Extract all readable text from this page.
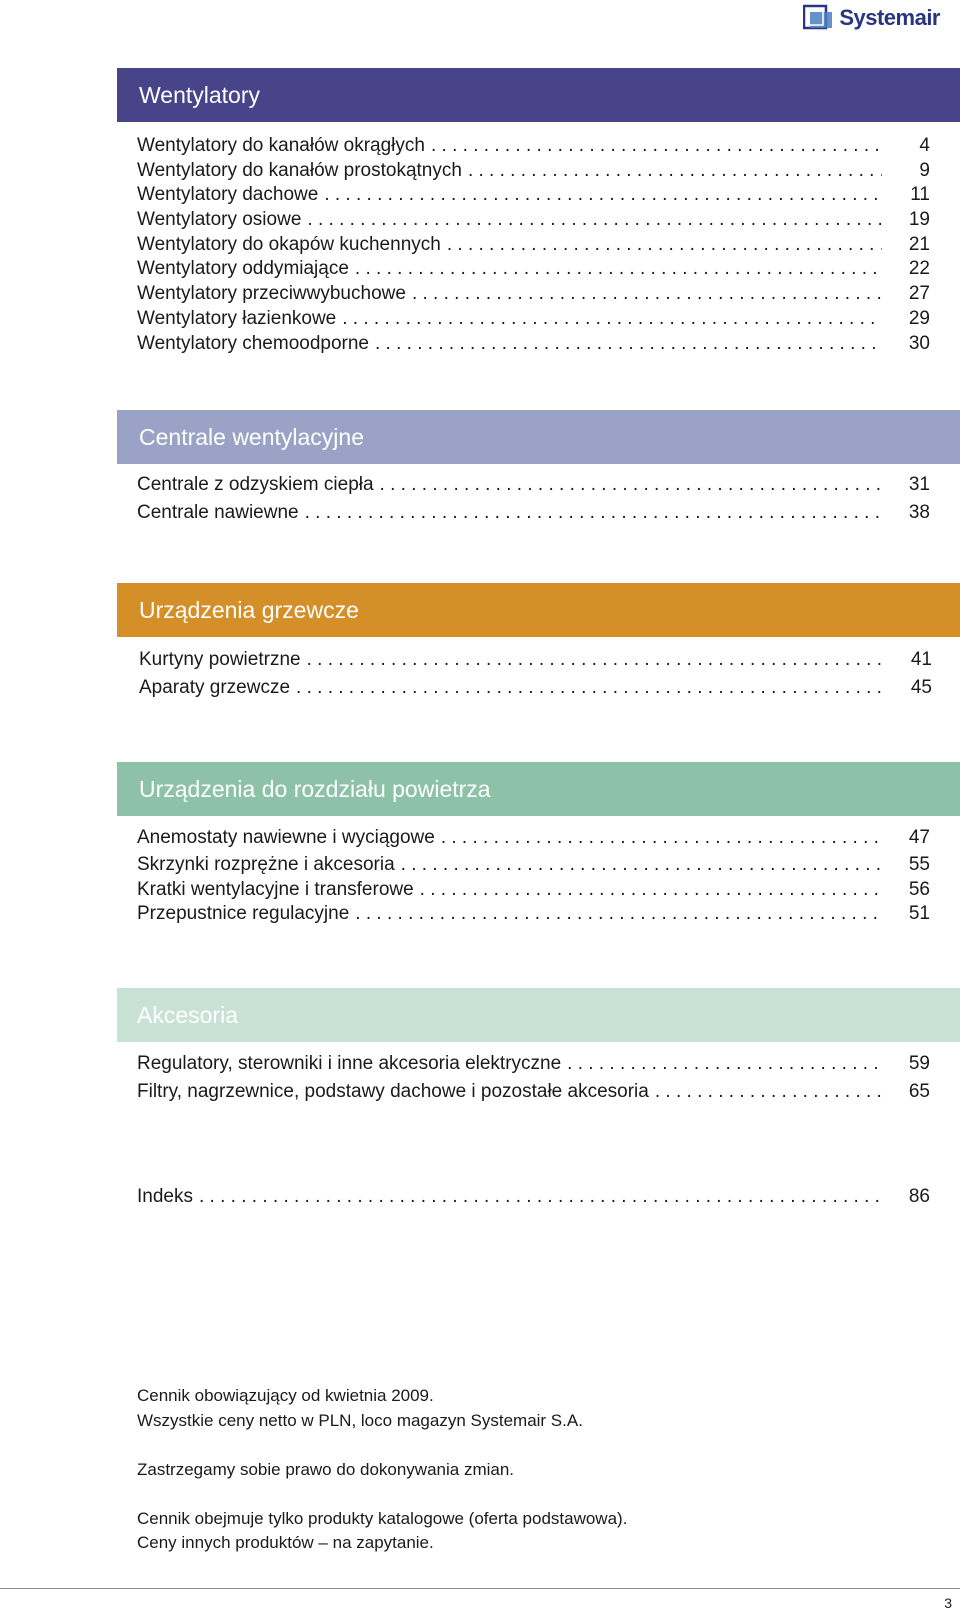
Systemair
Wentylatory
Wentylatory do kanałów okrągłych . . .	4
Wentylatory do kanałów prostokątnych . . .	9
Wentylatory dachowe . . .	11
Wentylatory osiowe . . .	19
Wentylatory do okapów kuchennych . . .	21
Wentylatory oddymiające . . .	22
Wentylatory przeciwwybuchowe . . .	27
Wentylatory łazienkowe . . .	29
Wentylatory chemoodporne . . .	30
Centrale wentylacyjne
Centrale z odzyskiem ciepła . . .	31
Centrale nawiewne . . .	38
Urządzenia grzewcze
Kurtyny powietrzne . . .	41
Aparaty grzewcze . . .	45
Urządzenia do rozdziału powietrza
Anemostaty nawiewne i wyciągowe . . .	47
Skrzynki rozprężne i akcesoria . . .	55
Kratki wentylacyjne i transferowe . . .	56
Przepustnice regulacyjne . . .	51
Akcesoria
Regulatory, sterowniki i inne akcesoria elektryczne . . .	59
Filtry, nagrzewnice, podstawy dachowe i pozostałe akcesoria . . .	65
Indeks . . .	86

Cennik obowiązujący od kwietnia 2009.

Wszystkie ceny netto w PLN, loco magazyn Systemair S.A.

Zastrzegamy sobie prawo do dokonywania zmian.

Cennik obejmuje tylko produkty katalogowe (oferta podstawowa).

Ceny innych produktów – na zapytanie.

3
